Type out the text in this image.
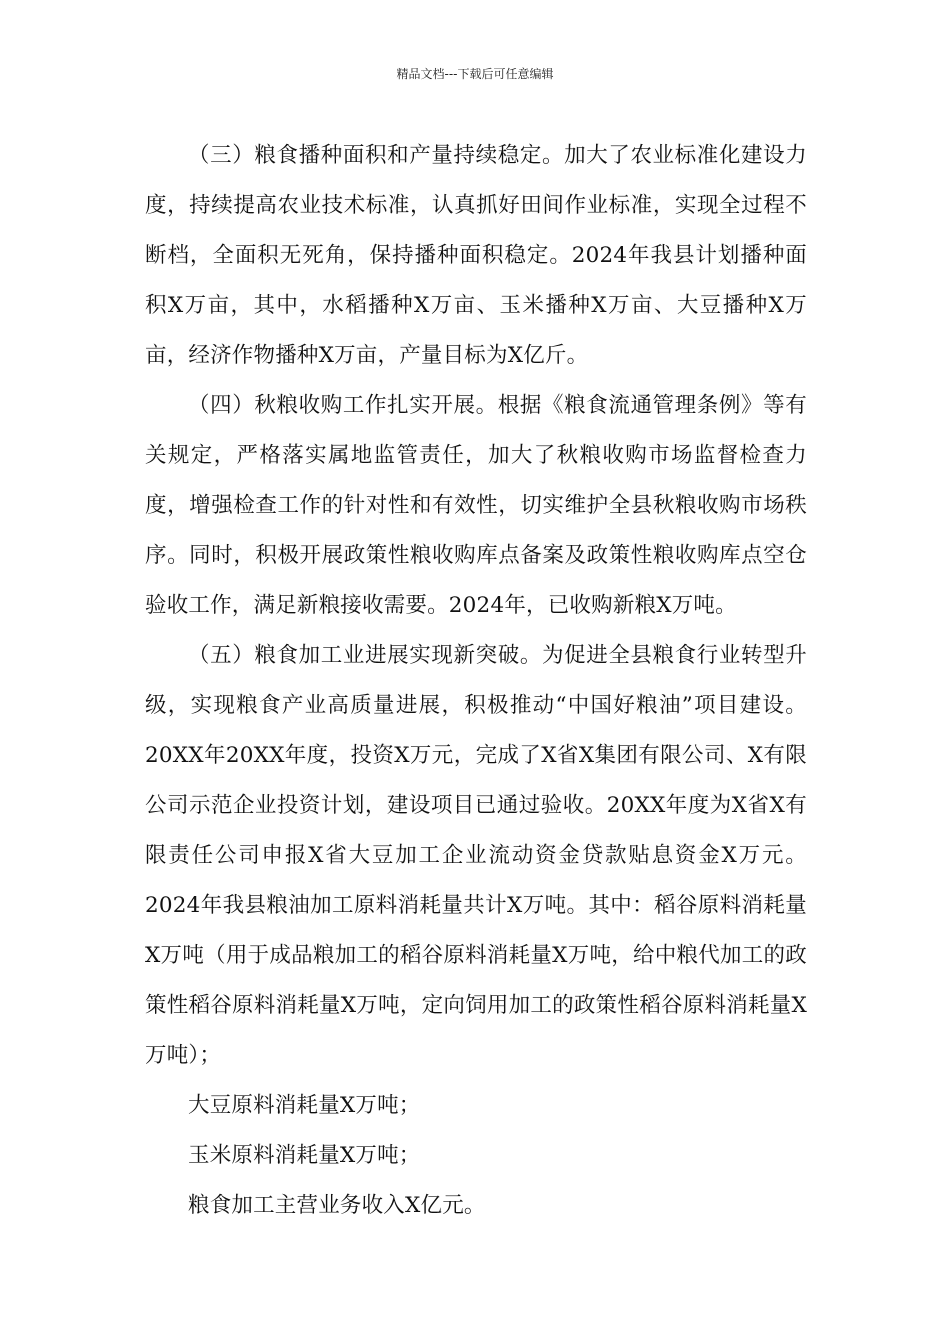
精品文档---下载后可任意编辑

（三）粮食播种面积和产量持续稳定。加大了农业标准化建设力度，持续提高农业技术标准，认真抓好田间作业标准，实现全过程不断档，全面积无死角，保持播种面积稳定。2024年我县计划播种面积X万亩，其中，水稻播种X万亩、玉米播种X万亩、大豆播种X万亩，经济作物播种X万亩，产量目标为X亿斤。

（四）秋粮收购工作扎实开展。根据《粮食流通管理条例》等有关规定，严格落实属地监管责任，加大了秋粮收购市场监督检查力度，增强检查工作的针对性和有效性，切实维护全县秋粮收购市场秩序。同时，积极开展政策性粮收购库点备案及政策性粮收购库点空仓验收工作，满足新粮接收需要。2024年，已收购新粮X万吨。

（五）粮食加工业进展实现新突破。为促进全县粮食行业转型升级，实现粮食产业高质量进展，积极推动“中国好粮油”项目建设。20XX年20XX年度，投资X万元，完成了X省X集团有限公司、X有限公司示范企业投资计划，建设项目已通过验收。20XX年度为X省X有限责任公司申报X省大豆加工企业流动资金贷款贴息资金X万元。2024年我县粮油加工原料消耗量共计X万吨。其中：稻谷原料消耗量X万吨（用于成品粮加工的稻谷原料消耗量X万吨，给中粮代加工的政策性稻谷原料消耗量X万吨，定向饲用加工的政策性稻谷原料消耗量X万吨）；

大豆原料消耗量X万吨；

玉米原料消耗量X万吨；

粮食加工主营业务收入X亿元。
